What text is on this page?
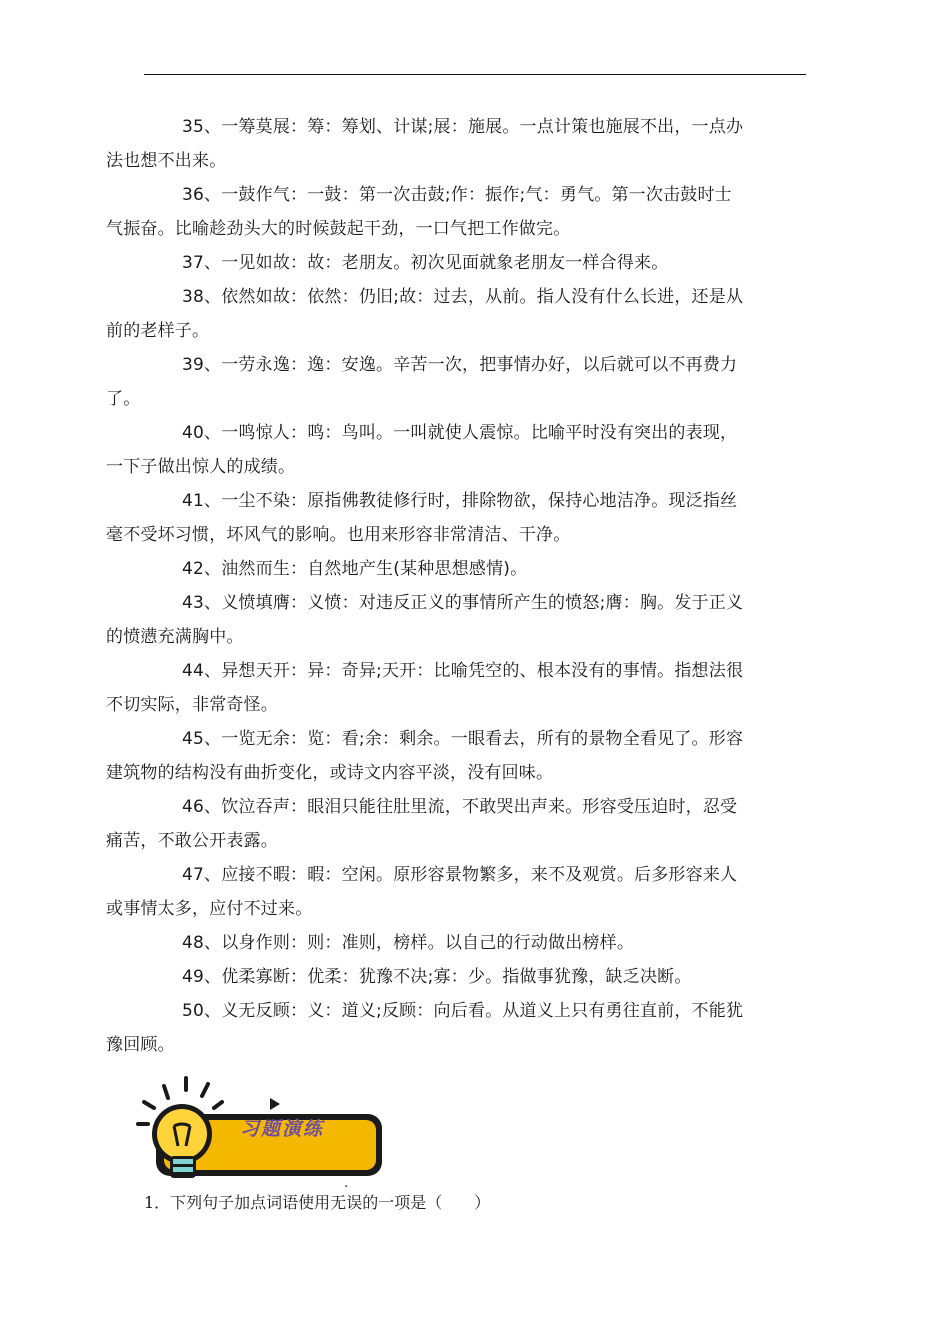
35、一筹莫展：筹：筹划、计谋;展：施展。一点计策也施展不出，一点办
法也想不出来。

36、一鼓作气：一鼓：第一次击鼓;作：振作;气：勇气。第一次击鼓时士
气振奋。比喻趁劲头大的时候鼓起干劲，一口气把工作做完。

37、一见如故：故：老朋友。初次见面就象老朋友一样合得来。

38、依然如故：依然：仍旧;故：过去，从前。指人没有什么长进，还是从
前的老样子。

39、一劳永逸：逸：安逸。辛苦一次，把事情办好，以后就可以不再费力
了。

40、一鸣惊人：鸣：鸟叫。一叫就使人震惊。比喻平时没有突出的表现，
一下子做出惊人的成绩。

41、一尘不染：原指佛教徒修行时，排除物欲，保持心地洁净。现泛指丝
毫不受坏习惯，坏风气的影响。也用来形容非常清洁、干净。

42、油然而生：自然地产生(某种思想感情)。

43、义愤填膺：义愤：对违反正义的事情所产生的愤怒;膺：胸。发于正义
的愤懑充满胸中。

44、异想天开：异：奇异;天开：比喻凭空的、根本没有的事情。指想法很
不切实际，非常奇怪。

45、一览无余：览：看;余：剩余。一眼看去，所有的景物全看见了。形容
建筑物的结构没有曲折变化，或诗文内容平淡，没有回味。

46、饮泣吞声：眼泪只能往肚里流，不敢哭出声来。形容受压迫时，忍受
痛苦，不敢公开表露。

47、应接不暇：暇：空闲。原形容景物繁多，来不及观赏。后多形容来人
或事情太多，应付不过来。

48、以身作则：则：准则，榜样。以自己的行动做出榜样。

49、优柔寡断：优柔：犹豫不决;寡：少。指做事犹豫，缺乏决断。

50、义无反顾：义：道义;反顾：向后看。从道义上只有勇往直前，不能犹
豫回顾。

习题演练
1．下列句子加点词语使用无误的一项是（　　）
